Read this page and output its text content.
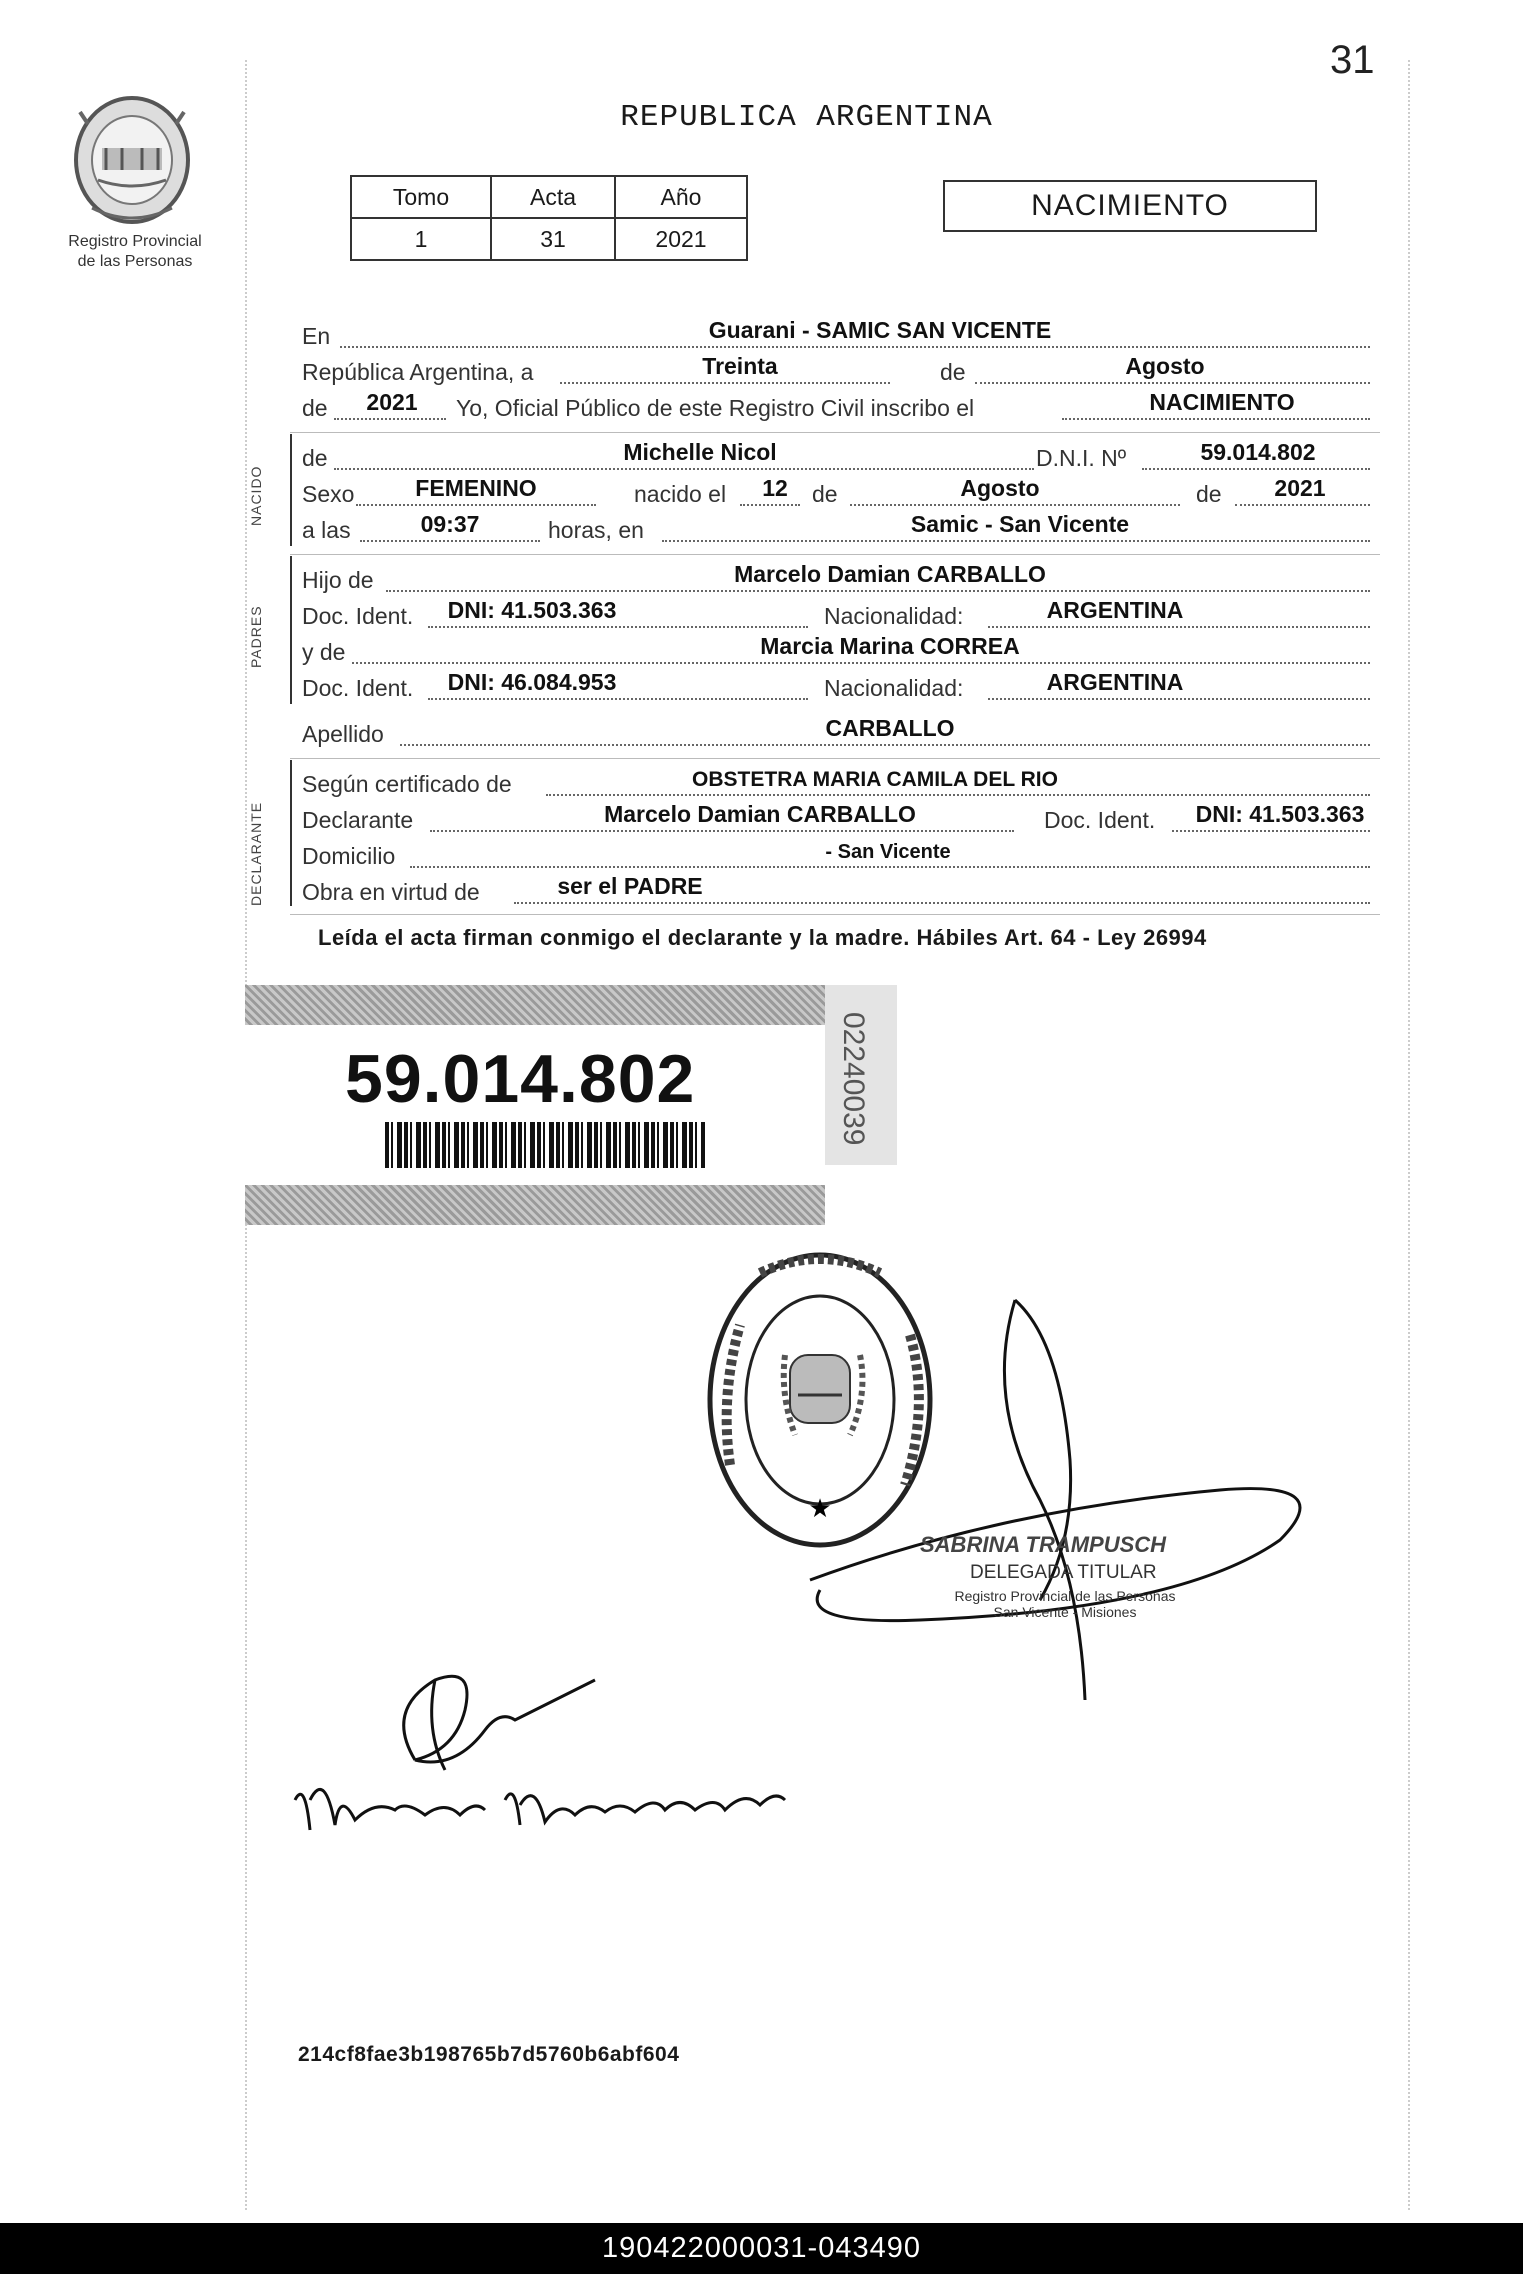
31
Registro Provincial
de las Personas
REPUBLICA ARGENTINA
Tomo	Acta	Año
1	31	2021
NACIMIENTO
En	Guarani - SAMIC SAN VICENTE
República Argentina, a	Treinta	de	Agosto
de 2021 Yo, Oficial Público de este Registro Civil inscribo el	NACIMIENTO
NACIDO
de	Michelle Nicol	D.N.I. Nº	59.014.802
Sexo	FEMENINO	nacido el 12 de	Agosto	de 2021
a las	09:37	horas, en	Samic - San Vicente
PADRES
Hijo de	Marcelo Damian CARBALLO
Doc. Ident. DNI: 41.503.363	Nacionalidad:	ARGENTINA
y de	Marcia Marina CORREA
Doc. Ident. DNI: 46.084.953	Nacionalidad:	ARGENTINA
Apellido	CARBALLO
DECLARANTE
Según certificado de	OBSTETRA MARIA CAMILA DEL RIO
Declarante	Marcelo Damian CARBALLO	Doc. Ident. DNI: 41.503.363
Domicilio	- San Vicente
Obra en virtud de	ser el PADRE
Leída el acta firman conmigo el declarante y la madre. Hábiles Art. 64 - Ley 26994
59.014.802	02240039
★
SABRINA TRAMPUSCH
DELEGADA TITULAR
Registro Provincial de las Personas
San Vicente - Misiones
214cf8fae3b198765b7d5760b6abf604
190422000031-043490
